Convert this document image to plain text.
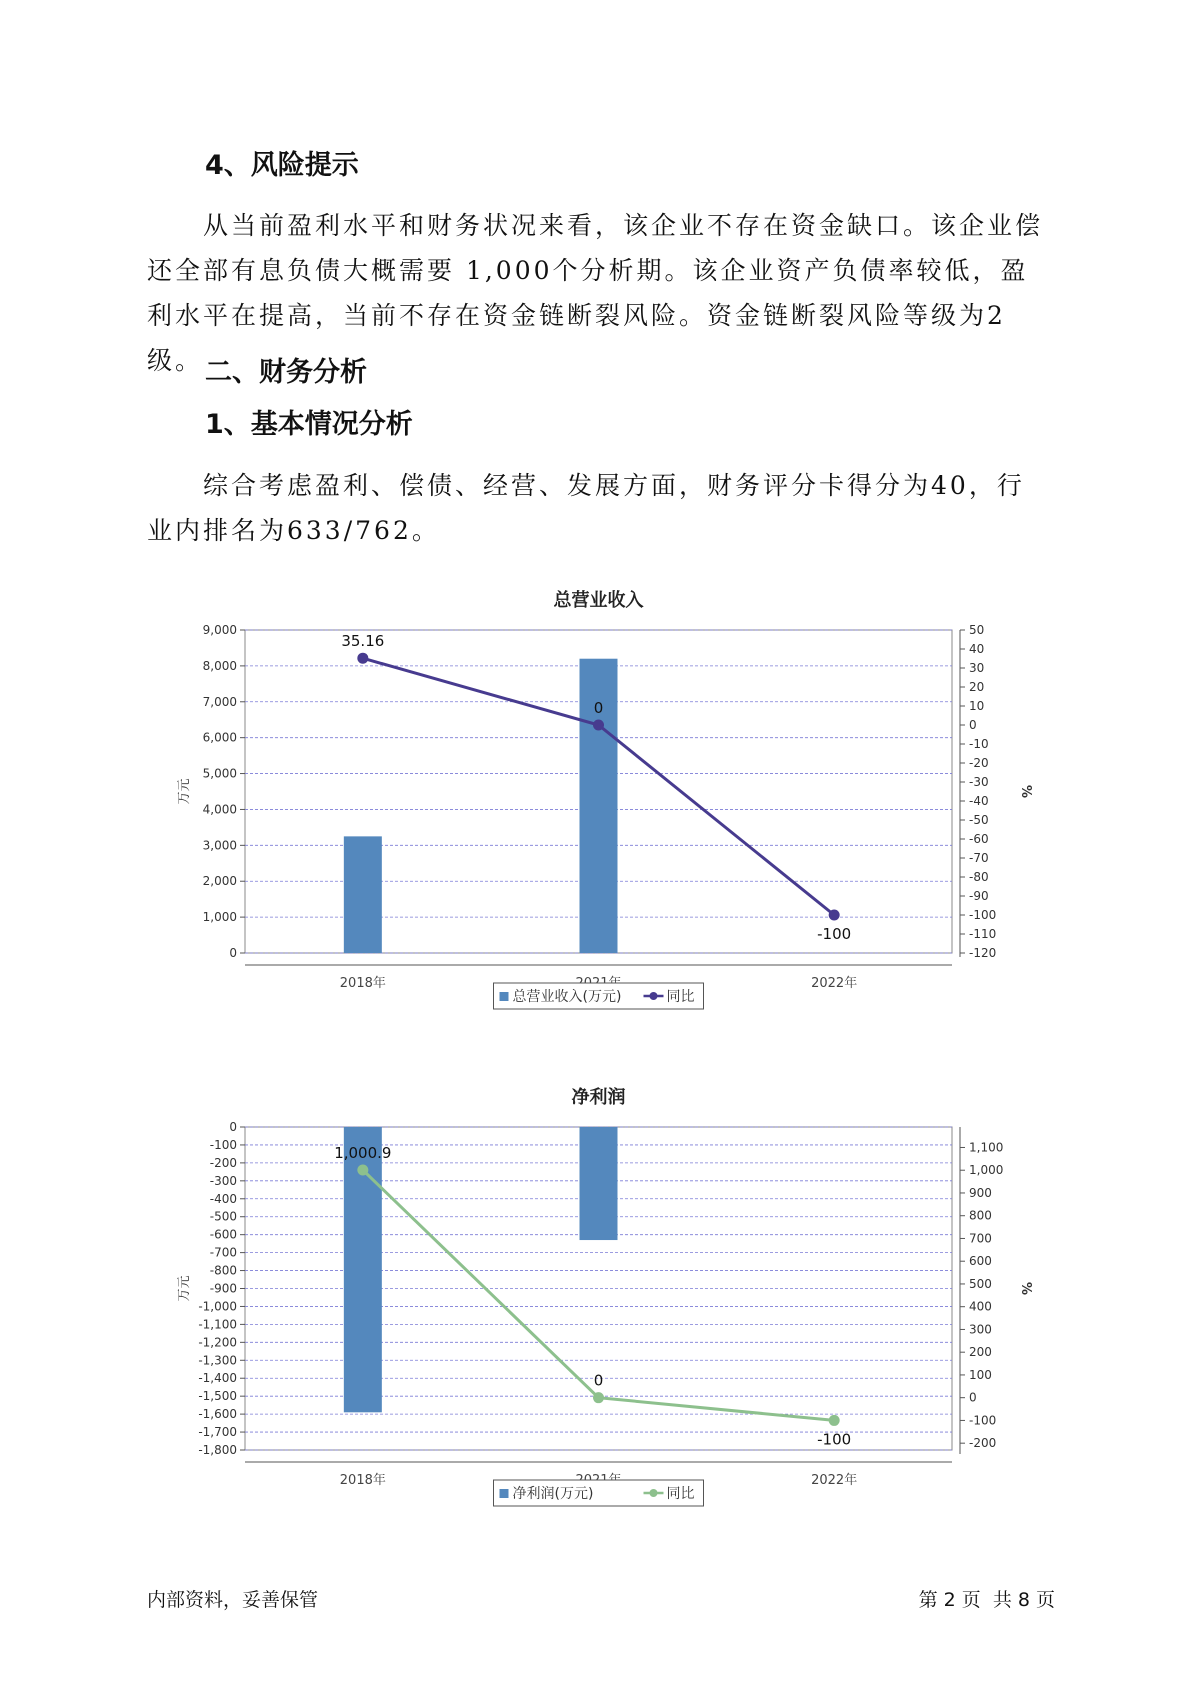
4、风险提示

从当前盈利水平和财务状况来看，该企业不存在资金缺口。该企业偿还全部有息负债大概需要 1,000个分析期。该企业资产负债率较低，盈利水平在提高，当前不存在资金链断裂风险。资金链断裂风险等级为2级。 二、财务分析
1、基本情况分析

综合考虑盈利、偿债、经营、发展方面，财务评分卡得分为40，行业内排名为633/762。

总营业收入
0
1,000
2,000
3,000
4,000
5,000
6,000
7,000
8,000
9,000
-120
-110
-100
-90
-80
-70
-60
-50
-40
-30
-20
-10
0
10
20
30
40
50
万元	%
2018年	2022年
35.16
0
-100
总营业收入(万元)	同比
净利润
0
-100
-200
-300
-400
-500
-600
-700
-800
-900
-1,000
-1,100
-1,200
-1,300
-1,400
-1,500
-1,600
-1,700
-1,800	-200
-100
0
100
200
300
400
500
600
700
800
900
1,000
1,100
万元	%
2018年	2022年
1,000.9
0
-100
净利润(万元)	同比
内部资料，妥善保管	第 2 页  共 8 页
